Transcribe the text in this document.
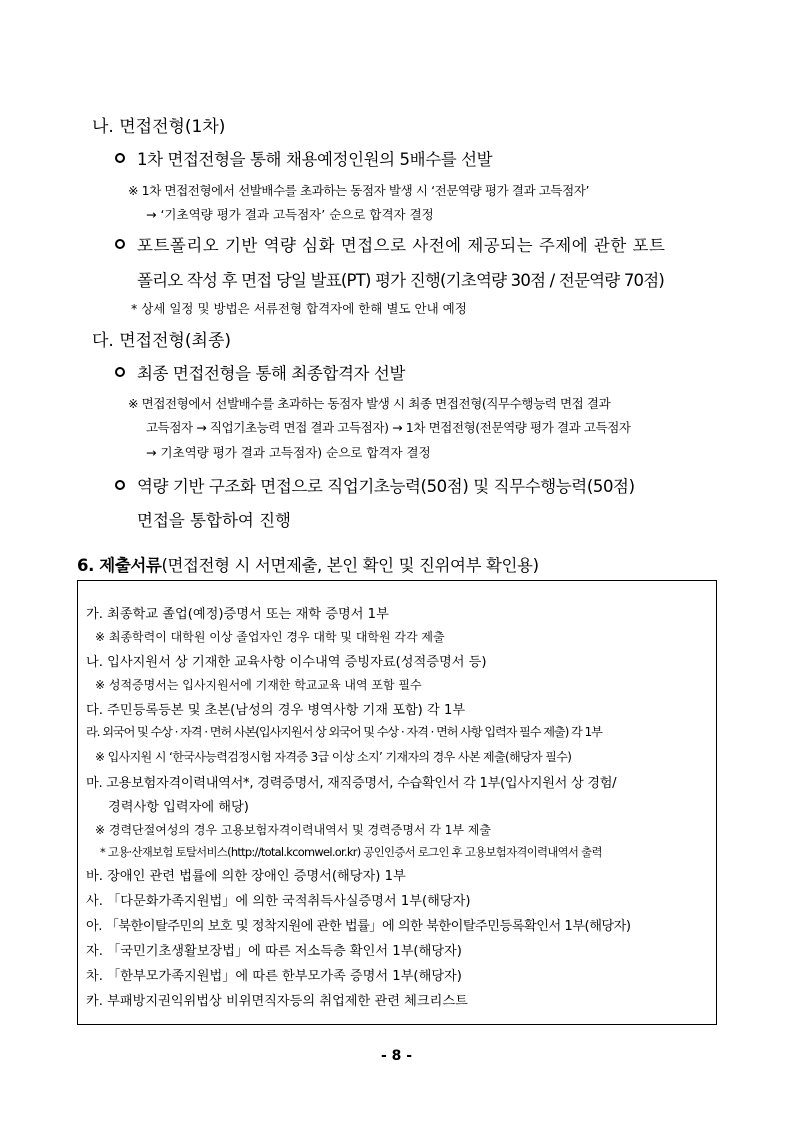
나. 면접전형(1차)
1차 면접전형을 통해 채용예정인원의 5배수를 선발
※ 1차 면접전형에서 선발배수를 초과하는 동점자 발생 시 ‘전문역량 평가 결과 고득점자’
→ ‘기초역량 평가 결과 고득점자’ 순으로 합격자 결정
포트폴리오 기반 역량 심화 면접으로 사전에 제공되는 주제에 관한 포트
폴리오 작성 후 면접 당일 발표(PT) 평가 진행(기초역량 30점 / 전문역량 70점)
* 상세 일정 및 방법은 서류전형 합격자에 한해 별도 안내 예정
다. 면접전형(최종)
최종 면접전형을 통해 최종합격자 선발
※ 면접전형에서 선발배수를 초과하는 동점자 발생 시 최종 면접전형(직무수행능력 면접 결과
고득점자 → 직업기초능력 면접 결과 고득점자) → 1차 면접전형(전문역량 평가 결과 고득점자
→ 기초역량 평가 결과 고득점자) 순으로 합격자 결정
역량 기반 구조화 면접으로 직업기초능력(50점) 및 직무수행능력(50점)
면접을 통합하여 진행
6. 제출서류(면접전형 시 서면제출, 본인 확인 및 진위여부 확인용)
가. 최종학교 졸업(예정)증명서 또는 재학 증명서 1부
※ 최종학력이 대학원 이상 졸업자인 경우 대학 및 대학원 각각 제출
나. 입사지원서 상 기재한 교육사항 이수내역 증빙자료(성적증명서 등)
※ 성적증명서는 입사지원서에 기재한 학교교육 내역 포함 필수
다. 주민등록등본 및 초본(남성의 경우 병역사항 기재 포함) 각 1부
라. 외국어 및 수상 · 자격 · 면허 사본(입사지원서 상 외국어 및 수상 · 자격 · 면허 사항 입력자 필수 제출) 각 1부
※ 입사지원 시 ‘한국사능력검정시험 자격증 3급 이상 소지’ 기재자의 경우 사본 제출(해당자 필수)
마. 고용보험자격이력내역서*, 경력증명서, 재직증명서, 수습확인서 각 1부(입사지원서 상 경험/
경력사항 입력자에 해당)
※ 경력단절여성의 경우 고용보험자격이력내역서 및 경력증명서 각 1부 제출
* 고용·산재보험 토탈서비스(http://total.kcomwel.or.kr) 공인인증서 로그인 후 고용보험자격이력내역서 출력
바. 장애인 관련 법률에 의한 장애인 증명서(해당자) 1부
사. 「다문화가족지원법」에 의한 국적취득사실증명서 1부(해당자)
아. 「북한이탈주민의 보호 및 정착지원에 관한 법률」에 의한 북한이탈주민등록확인서 1부(해당자)
자. 「국민기초생활보장법」에 따른 저소득층 확인서 1부(해당자)
차. 「한부모가족지원법」에 따른 한부모가족 증명서 1부(해당자)
카. 부패방지권익위법상 비위면직자등의 취업제한 관련 체크리스트
- 8 -
